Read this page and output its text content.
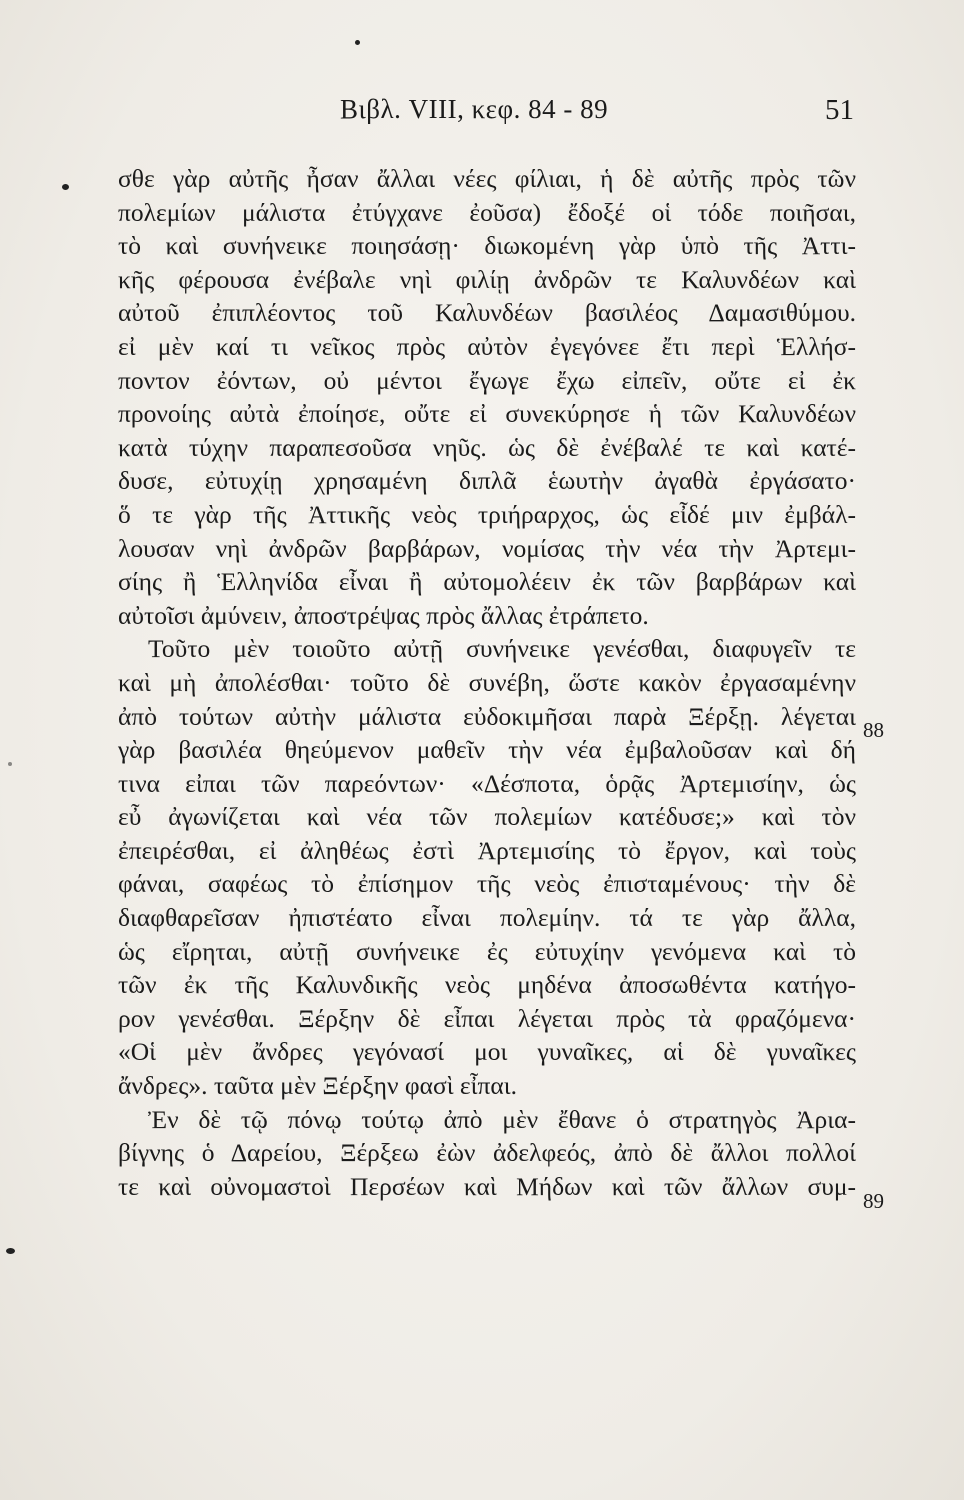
Βιβλ. VIII, κεφ. 84 - 89	51
σθε γὰρ αὐτῆς ἦσαν ἄλλαι νέες φίλιαι, ἡ δὲ αὐτῆς πρὸς τῶν
πολεμίων μάλιστα ἐτύγχανε ἐοῦσα) ἔδοξέ οἱ τόδε ποιῆσαι,
τὸ καὶ συνήνεικε ποιησάσῃ· διωκομένη γὰρ ὑπὸ τῆς Ἀττι-
κῆς φέρουσα ἐνέβαλε νηὶ φιλίῃ ἀνδρῶν τε Καλυνδέων καὶ
αὐτοῦ ἐπιπλέοντος τοῦ Καλυνδέων βασιλέος Δαμασιθύμου.
εἰ μὲν καί τι νεῖκος πρὸς αὐτὸν ἐγεγόνεε ἔτι περὶ Ἑλλήσ-
ποντον ἐόντων, οὐ μέντοι ἔγωγε ἔχω εἰπεῖν, οὔτε εἰ ἐκ
προνοίης αὐτὰ ἐποίησε, οὔτε εἰ συνεκύρησε ἡ τῶν Καλυνδέων
κατὰ τύχην παραπεσοῦσα νηῦς. ὡς δὲ ἐνέβαλέ τε καὶ κατέ-
δυσε, εὐτυχίῃ χρησαμένη διπλᾶ ἑωυτὴν ἀγαθὰ ἐργάσατο·
ὅ τε γὰρ τῆς Ἀττικῆς νεὸς τριήραρχος, ὡς εἶδέ μιν ἐμβάλ-
λουσαν νηὶ ἀνδρῶν βαρβάρων, νομίσας τὴν νέα τὴν Ἀρτεμι-
σίης ἢ Ἑλληνίδα εἶναι ἢ αὐτομολέειν ἐκ τῶν βαρβάρων καὶ
αὐτοῖσι ἀμύνειν, ἀποστρέψας πρὸς ἄλλας ἐτράπετο.
Τοῦτο μὲν τοιοῦτο αὐτῇ συνήνεικε γενέσθαι, διαφυγεῖν τε
καὶ μὴ ἀπολέσθαι· τοῦτο δὲ συνέβη, ὥστε κακὸν ἐργασαμένην
ἀπὸ τούτων αὐτὴν μάλιστα εὐδοκιμῆσαι παρὰ Ξέρξῃ. λέγεται
γὰρ βασιλέα θηεύμενον μαθεῖν τὴν νέα ἐμβαλοῦσαν καὶ δή
τινα εἰπαι τῶν παρεόντων· «Δέσποτα, ὁρᾷς Ἀρτεμισίην, ὡς
εὖ ἀγωνίζεται καὶ νέα τῶν πολεμίων κατέδυσε;» καὶ τὸν
ἐπειρέσθαι, εἰ ἀληθέως ἐστὶ Ἀρτεμισίης τὸ ἔργον, καὶ τοὺς
φάναι, σαφέως τὸ ἐπίσημον τῆς νεὸς ἐπισταμένους· τὴν δὲ
διαφθαρεῖσαν ἠπιστέατο εἶναι πολεμίην. τά τε γὰρ ἄλλα,
ὡς εἴρηται, αὐτῇ συνήνεικε ἐς εὐτυχίην γενόμενα καὶ τὸ
τῶν ἐκ τῆς Καλυνδικῆς νεὸς μηδένα ἀποσωθέντα κατήγο-
ρον γενέσθαι. Ξέρξην δὲ εἶπαι λέγεται πρὸς τὰ φραζόμενα·
«Οἱ μὲν ἄνδρες γεγόνασί μοι γυναῖκες, αἱ δὲ γυναῖκες
ἄνδρες». ταῦτα μὲν Ξέρξην φασὶ εἶπαι.
Ἐν δὲ τῷ πόνῳ τούτῳ ἀπὸ μὲν ἔθανε ὁ στρατηγὸς Ἀρια-
βίγνης ὁ Δαρείου, Ξέρξεω ἐὼν ἀδελφεός, ἀπὸ δὲ ἄλλοι πολλοί
τε καὶ οὐνομαστοὶ Περσέων καὶ Μήδων καὶ τῶν ἄλλων συμ-
88
89
